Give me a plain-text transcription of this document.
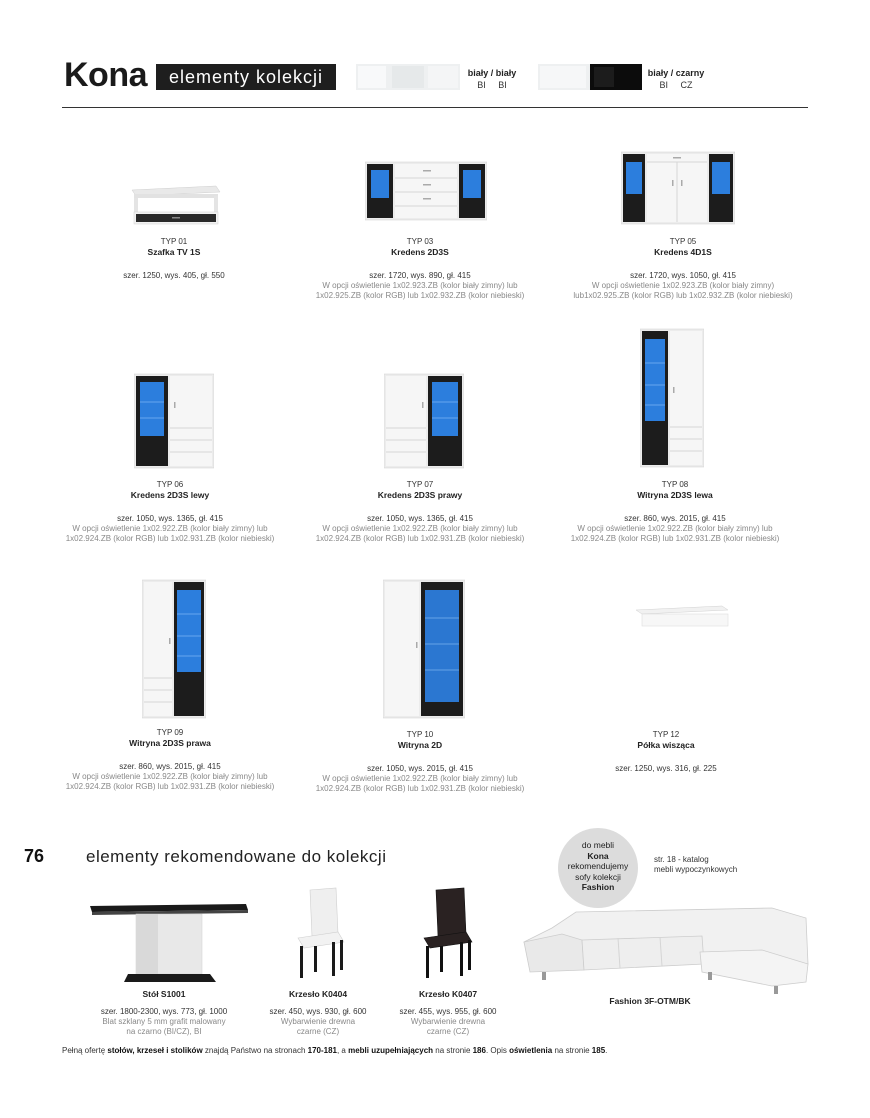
Kona	elementy kolekcji	biały / biały
BI BI
biały / czarny
BI CZ
TYP 01
Szafka TV 1S
szer. 1250, wys. 405, gł. 550
TYP 03
Kredens 2D3S
szer. 1720, wys. 890, gł. 415
W opcji oświetlenie 1x02.923.ZB (kolor biały zimny) lub 1x02.925.ZB (kolor RGB) lub 1x02.932.ZB (kolor niebieski)
TYP 05
Kredens 4D1S
szer. 1720, wys. 1050, gł. 415
W opcji oświetlenie 1x02.923.ZB (kolor biały zimny) lub1x02.925.ZB (kolor RGB) lub 1x02.932.ZB (kolor niebieski)
TYP 06
Kredens 2D3S lewy
szer. 1050, wys. 1365, gł. 415
W opcji oświetlenie 1x02.922.ZB (kolor biały zimny) lub 1x02.924.ZB (kolor RGB) lub 1x02.931.ZB (kolor niebieski)
TYP 07
Kredens 2D3S prawy
szer. 1050, wys. 1365, gł. 415
W opcji oświetlenie 1x02.922.ZB (kolor biały zimny) lub 1x02.924.ZB (kolor RGB) lub 1x02.931.ZB (kolor niebieski)
TYP 08
Witryna 2D3S lewa
szer. 860, wys. 2015, gł. 415
W opcji oświetlenie 1x02.922.ZB (kolor biały zimny) lub 1x02.924.ZB (kolor RGB) lub 1x02.931.ZB (kolor niebieski)
TYP 09
Witryna 2D3S prawa
szer. 860, wys. 2015, gł. 415
W opcji oświetlenie 1x02.922.ZB (kolor biały zimny) lub 1x02.924.ZB (kolor RGB) lub 1x02.931.ZB (kolor niebieski)
TYP 10
Witryna 2D
szer. 1050, wys. 2015, gł. 415
W opcji oświetlenie 1x02.922.ZB (kolor biały zimny) lub 1x02.924.ZB (kolor RGB) lub 1x02.931.ZB (kolor niebieski)
TYP 12
Półka wisząca
szer. 1250, wys. 316, gł. 225
76 elementy rekomendowane do kolekcji
do mebli
Kona
rekomendujemy
sofy kolekcji
Fashion
str. 18 - katalog
mebli wypoczynkowych
Stół S1001
szer. 1800-2300, wys. 773, gł. 1000
Blat szklany 5 mm grafit malowany na czarno (BI/CZ), BI
Krzesło K0404
szer. 450, wys. 930, gł. 600
Wybarwienie drewna czarne (CZ)
Krzesło K0407
szer. 455, wys. 955, gł. 600
Wybarwienie drewna czarne (CZ)
Fashion 3F-OTM/BK
Pełną ofertę stołów, krzeseł i stolików znajdą Państwo na stronach 170-181, a mebli uzupełniających na stronie 186. Opis oświetlenia na stronie 185.
